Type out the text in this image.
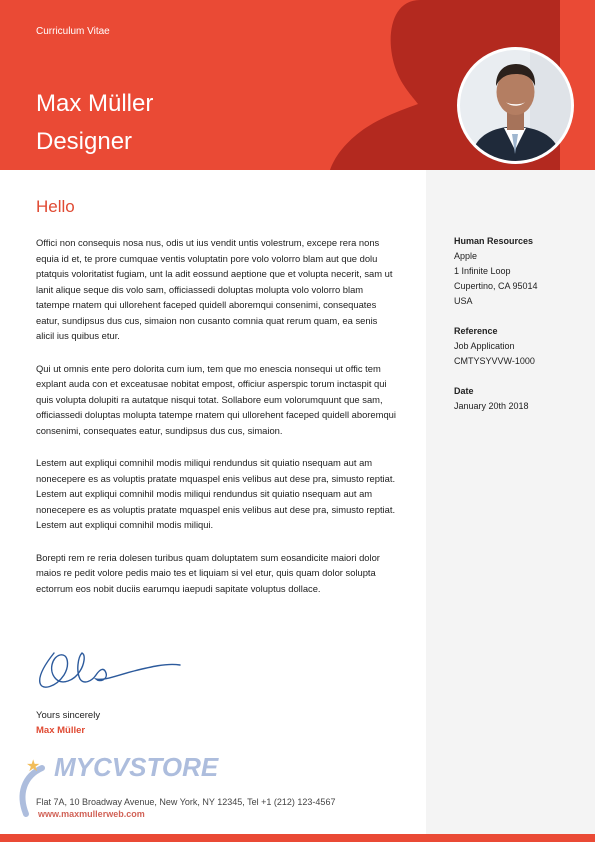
Curriculum Vitae
Max Müller
Designer
Human Resources
Apple
1 Infinite Loop
Cupertino, CA 95014
USA
Reference
Job Application
CMTYSYVVW-1000
Date
January 20th 2018
Hello

Offici non consequis nosa nus, odis ut ius vendit untis volestrum, excepe rera nons equia id et, te prore cumquae ventis voluptatin pore volo volorro blam aut que dolu ptatquis voloritatist fugiam, unt la adit eossund aeptione que et volupta necerit, sam ut lanit alique seque dis volo sam, officiassedi doluptas molupta volo volorro blam tatempe rnatem qui ullorehent faceped quidell aboremqui consenimi, consequates eatur, sundipsus dus cus, simaion non cusanto comnia quat rerum quam, ea senis alicil ius quibus etur.

Qui ut omnis ente pero dolorita cum ium, tem que mo enescia nonsequi ut offic tem explant auda con et exceatusae nobitat empost, officiur asperspic torum inctaspit qui quis volupta dolupiti ra autatque nisqui totat. Sollabore eum volorumquunt que sam, officiassedi doluptas molupta tatempe rnatem qui ullorehent faceped quidell aboremqui consenimi, consequates eatur, sundipsus dus cus, simaion.

Lestem aut expliqui comnihil modis miliqui rendundus sit quiatio nsequam aut am nonecepere es as voluptis pratate mquaspel enis velibus aut dese pra, simusto reptiat. Lestem aut expliqui comnihil modis miliqui rendundus sit quiatio nsequam aut am nonecepere es as voluptis pratate mquaspel enis velibus aut dese pra, simusto reptiat. Lestem aut expliqui comnihil modis miliqui.

Borepti rem re reria dolesen turibus quam doluptatem sum eosandicite maiori dolor maios re pedit volore pedis maio tes et liquiam si vel etur, quis quam dolor solupta ectorrum eos nobit duciis earumqu iaepudi sapitate voluptus dollace.

Yours sincerely
Max Müller
★ MYCVSTORE
www.maxmullerweb.com
Flat 7A, 10 Broadway Avenue, New York, NY 12345, Tel +1 (212) 123-4567
